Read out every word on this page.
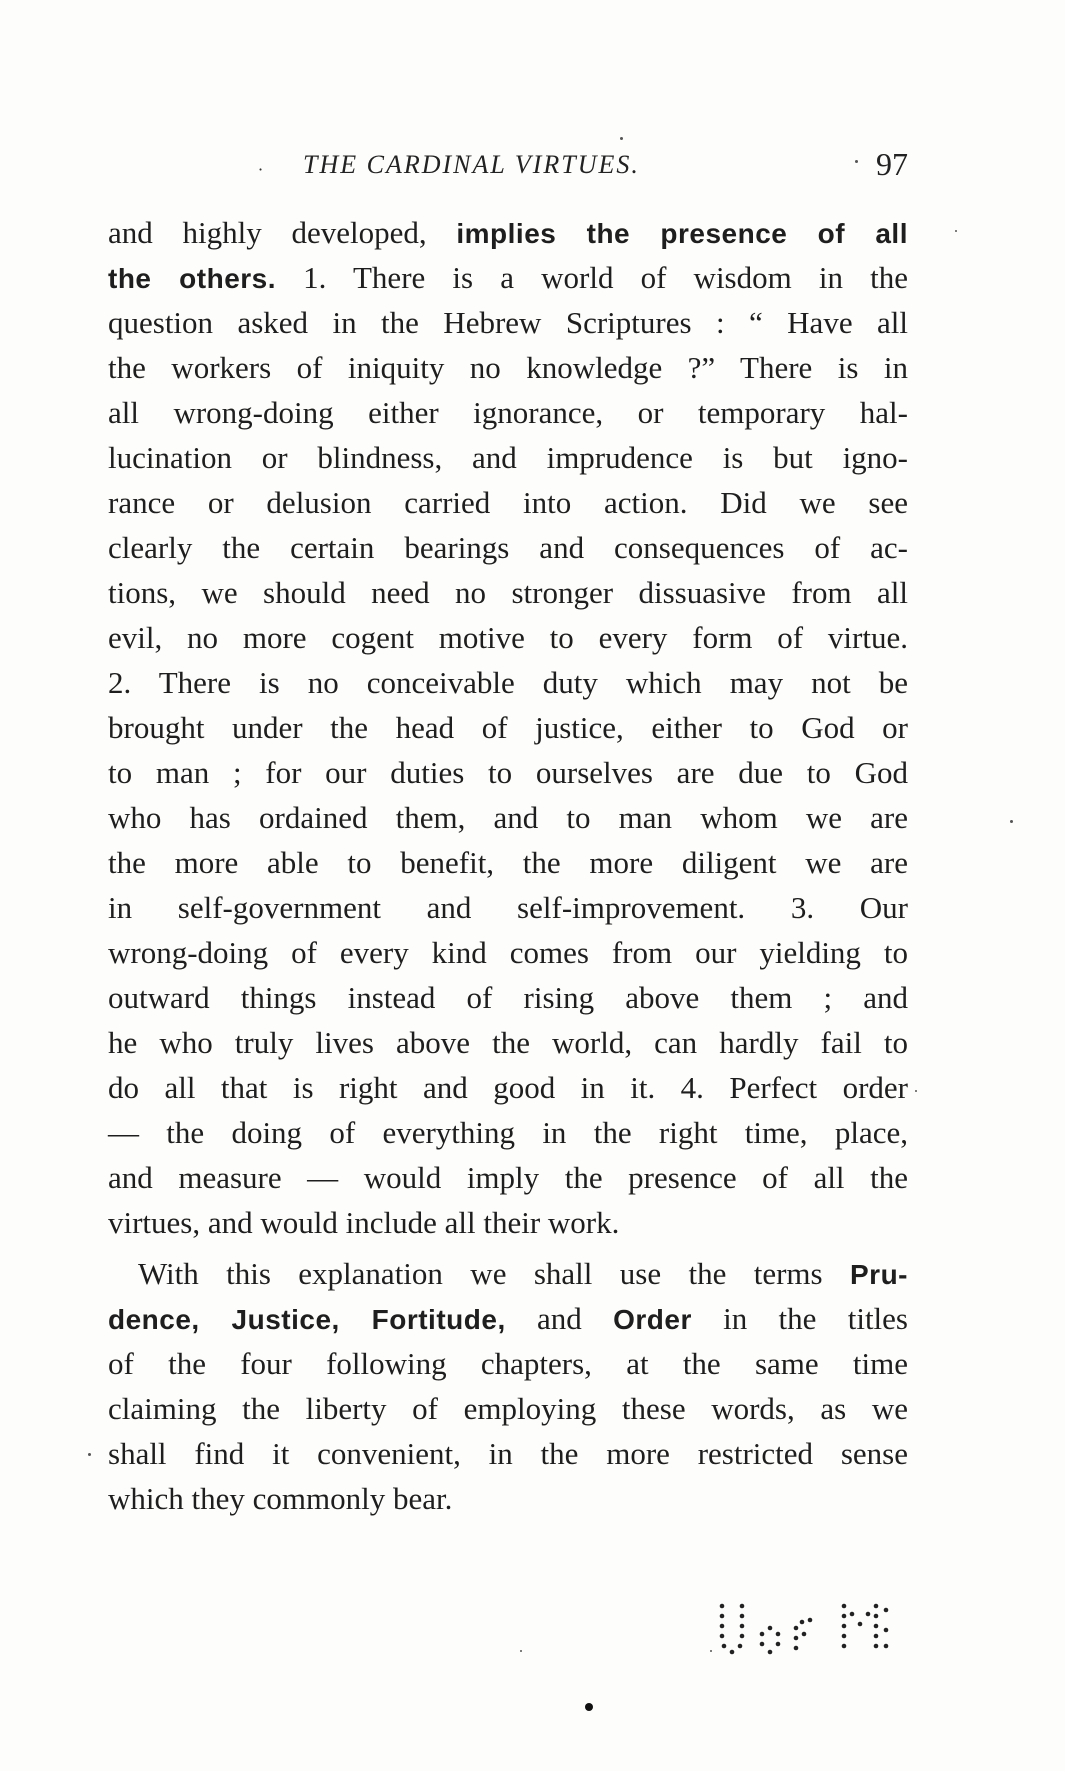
· THE CARDINAL VIRTUES.	97
and highly developed, implies the presence of all
the others. 1. There is a world of wisdom in the
question asked in the Hebrew Scriptures : “ Have all
the workers of iniquity no knowledge ?” There is in
all wrong-doing either ignorance, or temporary hal-
lucination or blindness, and imprudence is but igno-
rance or delusion carried into action. Did we see
clearly the certain bearings and consequences of ac-
tions, we should need no stronger dissuasive from all
evil, no more cogent motive to every form of virtue.
2. There is no conceivable duty which may not be
brought under the head of justice, either to God or
to man ; for our duties to ourselves are due to God
who has ordained them, and to man whom we are
the more able to benefit, the more diligent we are
in self-government and self-improvement. 3. Our
wrong-doing of every kind comes from our yielding to
outward things instead of rising above them ; and
he who truly lives above the world, can hardly fail to
do all that is right and good in it. 4. Perfect order
— the doing of everything in the right time, place,
and measure — would imply the presence of all the
virtues, and would include all their work.
With this explanation we shall use the terms Pru-
dence, Justice, Fortitude, and Order in the titles
of the four following chapters, at the same time
claiming the liberty of employing these words, as we
shall find it convenient, in the more restricted sense
which they commonly bear.
